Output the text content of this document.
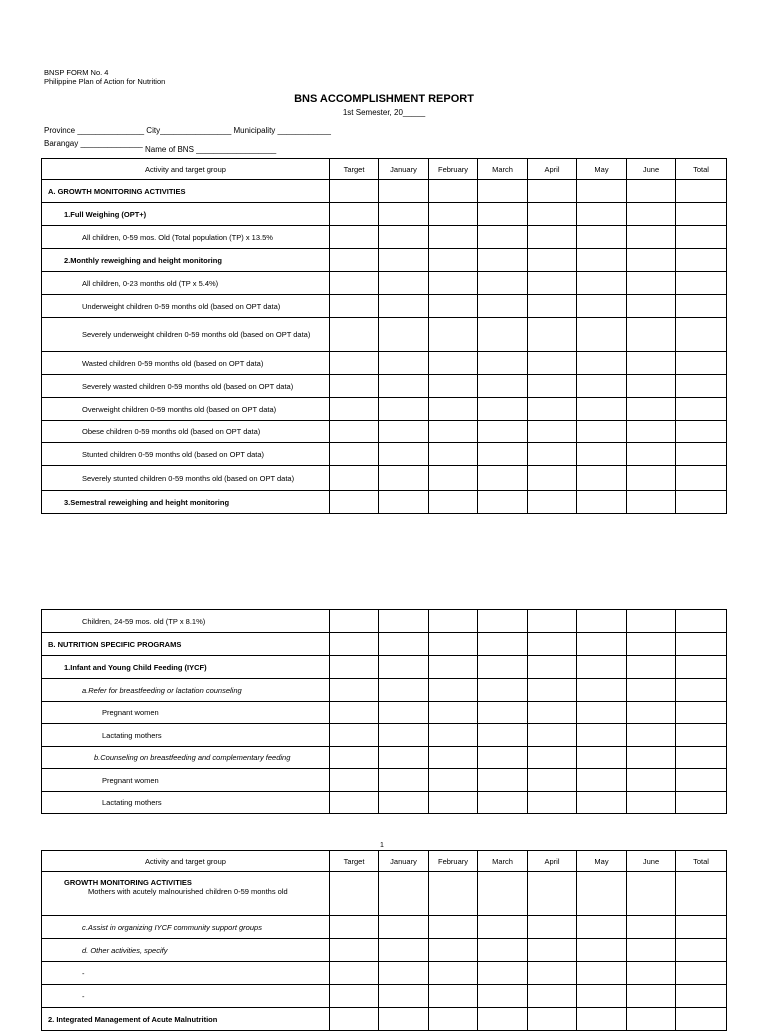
BNSP FORM No. 4
Philippine Plan of Action for Nutrition
BNS ACCOMPLISHMENT REPORT
1st Semester, 20_____
Province _______________ City________________ Municipality ____________
Barangay ______________
Name of BNS __________________
Activity and target group	Target	January	February	March	April	May	June	Total
A. GROWTH MONITORING ACTIVITIES								
1.Full Weighing (OPT+)								
All children, 0-59 mos. Old (Total population (TP) x 13.5%								
2.Monthly reweighing and height monitoring								
All children, 0-23 months old (TP x 5.4%)								
Underweight children 0-59 months old (based on OPT data)								
Severely underweight children 0-59 months old (based on OPT data)								
Wasted children 0-59 months old (based on OPT data)								
Severely wasted children 0-59 months old (based on OPT data)								
Overweight children 0-59 months old (based on OPT data)								
Obese children 0-59 months old (based on OPT data)								
Stunted children 0-59 months old (based on OPT data)								
Severely stunted children 0-59 months old (based on OPT data)								
3.Semestral reweighing and height monitoring								
Children, 24-59 mos. old (TP x 8.1%)								
B. NUTRITION SPECIFIC PROGRAMS								
1.Infant and Young Child Feeding (IYCF)								
a.Refer for breastfeeding or lactation counseling								
Pregnant women								
Lactating mothers								
b.Counseling on breastfeeding and complementary feeding								
Pregnant women								
Lactating mothers								
1
Activity and target group	Target	January	February	March	April	May	June	Total

GROWTH MONITORING ACTIVITIES
Mothers with acutely malnourished children 0-59 months old								

c.Assist in organizing IYCF community support groups								
d. Other activities, specify								
-								
-								
2. Integrated Management of Acute Malnutrition								
